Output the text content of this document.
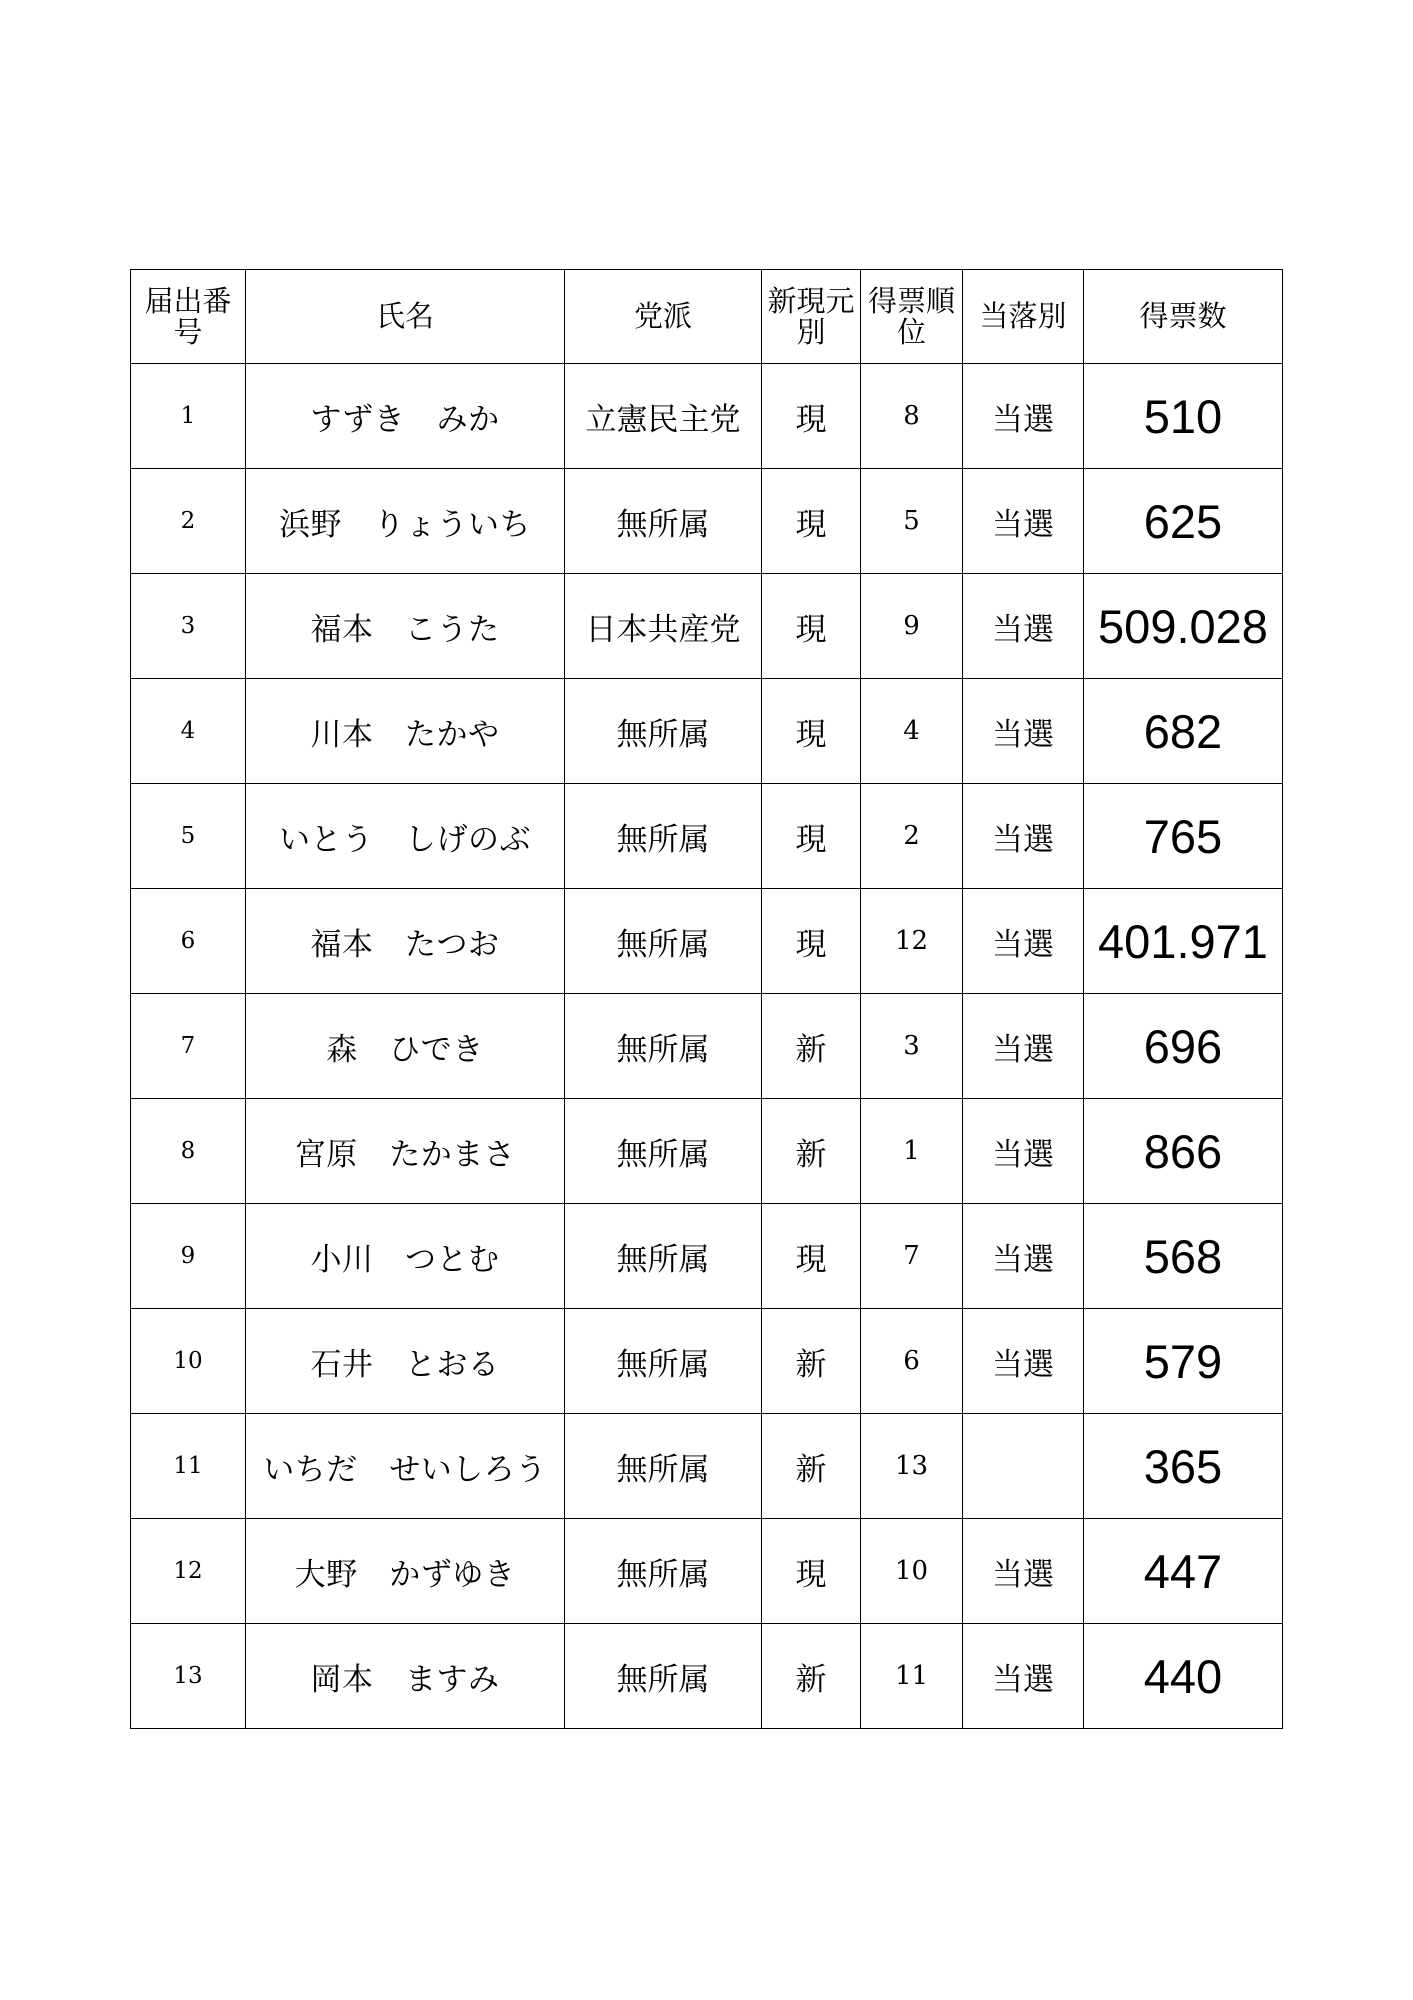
届出番号	氏名	党派	新現元別	得票順位	当落別	得票数
1	すずき　みか	立憲民主党	現	8	当選	510
2	浜野　りょういち	無所属	現	5	当選	625
3	福本　こうた	日本共産党	現	9	当選	509.028
4	川本　たかや	無所属	現	4	当選	682
5	いとう　しげのぶ	無所属	現	2	当選	765
6	福本　たつお	無所属	現	12	当選	401.971
7	森　ひでき	無所属	新	3	当選	696
8	宮原　たかまさ	無所属	新	1	当選	866
9	小川　つとむ	無所属	現	7	当選	568
10	石井　とおる	無所属	新	6	当選	579
11	いちだ　せいしろう	無所属	新	13		365
12	大野　かずゆき	無所属	現	10	当選	447
13	岡本　ますみ	無所属	新	11	当選	440
